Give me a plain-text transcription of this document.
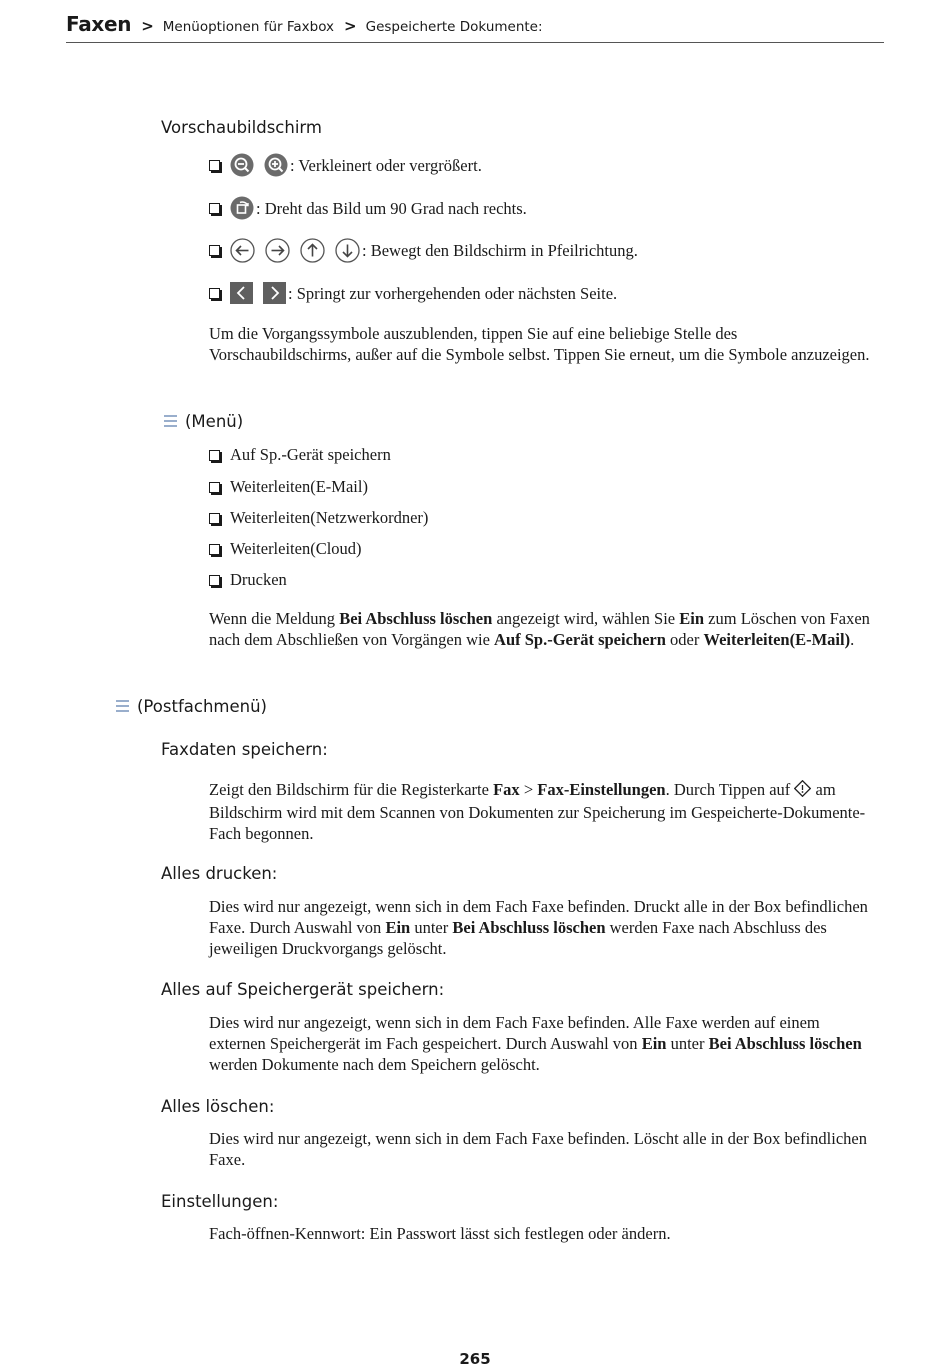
Faxen > Menüoptionen für Faxbox > Gespeicherte Dokumente:
Vorschaubildschirm
: Verkleinert oder vergrößert.
: Dreht das Bild um 90 Grad nach rechts.
: Bewegt den Bildschirm in Pfeilrichtung.
: Springt zur vorhergehenden oder nächsten Seite.
Um die Vorgangssymbole auszublenden, tippen Sie auf eine beliebige Stelle des Vorschaubildschirms, außer auf die Symbole selbst. Tippen Sie erneut, um die Symbole anzuzeigen.
(Menü)
Auf Sp.-Gerät speichern
Weiterleiten(E-Mail)
Weiterleiten(Netzwerkordner)
Weiterleiten(Cloud)
Drucken
Wenn die Meldung Bei Abschluss löschen angezeigt wird, wählen Sie Ein zum Löschen von Faxen nach dem Abschließen von Vorgängen wie Auf Sp.-Gerät speichern oder Weiterleiten(E-Mail).
(Postfachmenü)
Faxdaten speichern:
Zeigt den Bildschirm für die Registerkarte Fax > Fax-Einstellungen. Durch Tippen auf  am Bildschirm wird mit dem Scannen von Dokumenten zur Speicherung im Gespeicherte-Dokumente-Fach begonnen.
Alles drucken:
Dies wird nur angezeigt, wenn sich in dem Fach Faxe befinden. Druckt alle in der Box befindlichen Faxe. Durch Auswahl von Ein unter Bei Abschluss löschen werden Faxe nach Abschluss des jeweiligen Druckvorgangs gelöscht.
Alles auf Speichergerät speichern:
Dies wird nur angezeigt, wenn sich in dem Fach Faxe befinden. Alle Faxe werden auf einem externen Speichergerät im Fach gespeichert. Durch Auswahl von Ein unter Bei Abschluss löschen werden Dokumente nach dem Speichern gelöscht.
Alles löschen:
Dies wird nur angezeigt, wenn sich in dem Fach Faxe befinden. Löscht alle in der Box befindlichen Faxe.
Einstellungen:
Fach-öffnen-Kennwort: Ein Passwort lässt sich festlegen oder ändern.
265
